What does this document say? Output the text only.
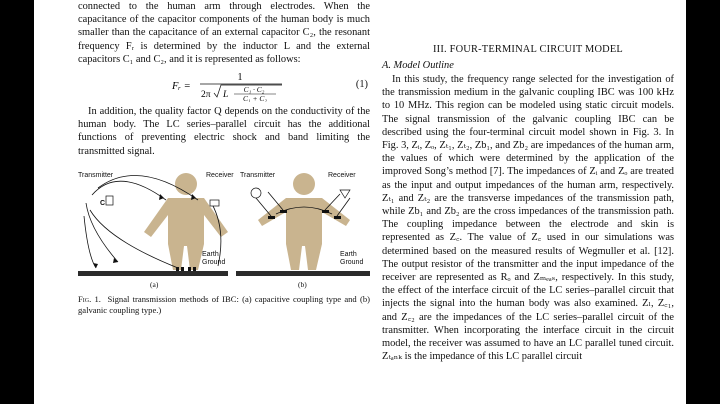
connected to the human arm through electrodes. When the capacitance of the capacitor components of the human body is much smaller than the capacitance of an external capacitor C₂, the resonant frequency Fᵣ is determined by the inductor L and the external capacitors C₁ and C₂, and it is represented as follows:

Fᵣ =
1
2π L
C₁ · C₂
C₁ + C₂
(1)

In addition, the quality factor Q depends on the conductivity of the human body. The LC series–parallel circuit has the additional functions of preventing electric shock and band limiting the transmitted signal.

C
Transmitter	Receiver
Earth
Ground
(a)
Transmitter	Receiver
Earth
Ground
(b)

Fig. 1. Signal transmission methods of IBC: (a) capacitive coupling type and (b) galvanic coupling type.)

III. FOUR-TERMINAL CIRCUIT MODEL

A. Model Outline

In this study, the frequency range selected for the investigation of the transmission medium in the galvanic coupling IBC was 100 kHz to 10 MHz. This region can be modeled using static circuit models. The signal transmission of the galvanic coupling IBC can be described using the four-terminal circuit model shown in Fig. 3. In Fig. 3, Zᵢ, Zₒ, Zₜ₁, Zₜ₂, Zb₁, and Zb₂ are impedances of the human arm, the values of which were determined by the application of the improved Song’s method [7]. The impedances of Zᵢ and Zₒ are treated as the input and output impedances of the human arm, respectively. Zₜ₁ and Zₜ₂ are the transverse impedances of the transmission path, while Zb₁ and Zb₂ are the cross impedances of the transmission path. The coupling impedance between the electrode and skin is represented as Z꜀. The value of Z꜀ used in our simulations was determined based on the measured results of Wegmuller et al. [12]. The output resistor of the transmitter and the input impedance of the receiver are represented as Rₒ and Zₘₑₐₛ, respectively. In this study, the effect of the interface circuit of the LC series–parallel circuit that injects the signal into the human body was also examined. Zₗ, Z꜀₁, and Z꜀₂ are the impedances of the LC series–parallel circuit of the transmitter. When incorporating the interface circuit in the circuit model, the receiver was assumed to have an LC parallel tuned circuit. Zₜₐₙₖ is the impedance of this LC parallel circuit
